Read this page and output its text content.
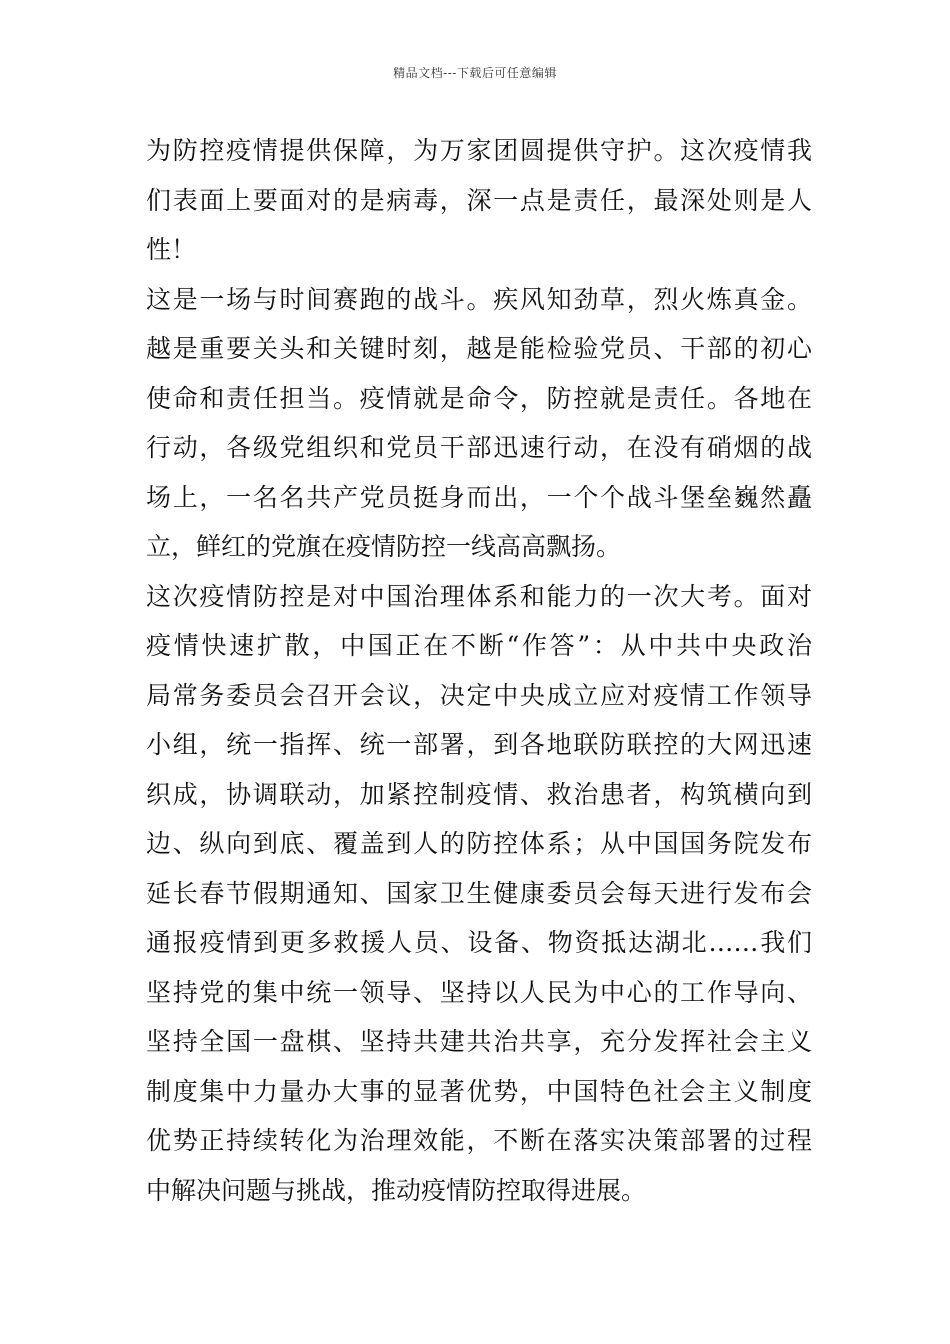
精品文档---下载后可任意编辑
为防控疫情提供保障，为万家团圆提供守护。这次疫情我
们表面上要面对的是病毒，深一点是责任，最深处则是人
性！
这是一场与时间赛跑的战斗。疾风知劲草，烈火炼真金。
越是重要关头和关键时刻，越是能检验党员、干部的初心
使命和责任担当。疫情就是命令，防控就是责任。各地在
行动，各级党组织和党员干部迅速行动，在没有硝烟的战
场上，一名名共产党员挺身而出，一个个战斗堡垒巍然矗
立，鲜红的党旗在疫情防控一线高高飘扬。
这次疫情防控是对中国治理体系和能力的一次大考。面对
疫情快速扩散，中国正在不断“作答”：从中共中央政治
局常务委员会召开会议，决定中央成立应对疫情工作领导
小组，统一指挥、统一部署，到各地联防联控的大网迅速
织成，协调联动，加紧控制疫情、救治患者，构筑横向到
边、纵向到底、覆盖到人的防控体系；从中国国务院发布
延长春节假期通知、国家卫生健康委员会每天进行发布会
通报疫情到更多救援人员、设备、物资抵达湖北……我们
坚持党的集中统一领导、坚持以人民为中心的工作导向、
坚持全国一盘棋、坚持共建共治共享，充分发挥社会主义
制度集中力量办大事的显著优势，中国特色社会主义制度
优势正持续转化为治理效能，不断在落实决策部署的过程
中解决问题与挑战，推动疫情防控取得进展。
